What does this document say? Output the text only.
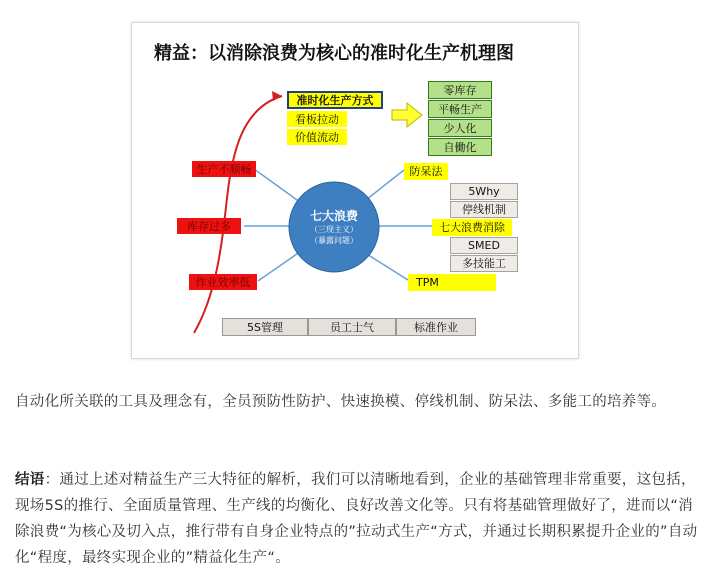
精益：以消除浪费为核心的准时化生产机理图
准时化生产方式
看板拉动
价值流动
零库存
平畅生产
少人化
自働化
生产不顺畅
库存过多
作业效率低
防呆法
5Why
停线机制
七大浪费消除
SMED
多技能工
TPM
七大浪费
（三现主义）
（暴露问题）
5S管理	员工士气	标准作业
自动化所关联的工具及理念有，全员预防性防护、快速换模、停线机制、防呆法、多能工的培养等。
结语：通过上述对精益生产三大特征的解析，我们可以清晰地看到，企业的基础管理非常重要，这包括，现场5S的推行、全面质量管理、生产线的均衡化、良好改善文化等。只有将基础管理做好了，进而以“消除浪费“为核心及切入点，推行带有自身企业特点的”拉动式生产“方式，并通过长期积累提升企业的”自动化“程度，最终实现企业的”精益化生产“。
